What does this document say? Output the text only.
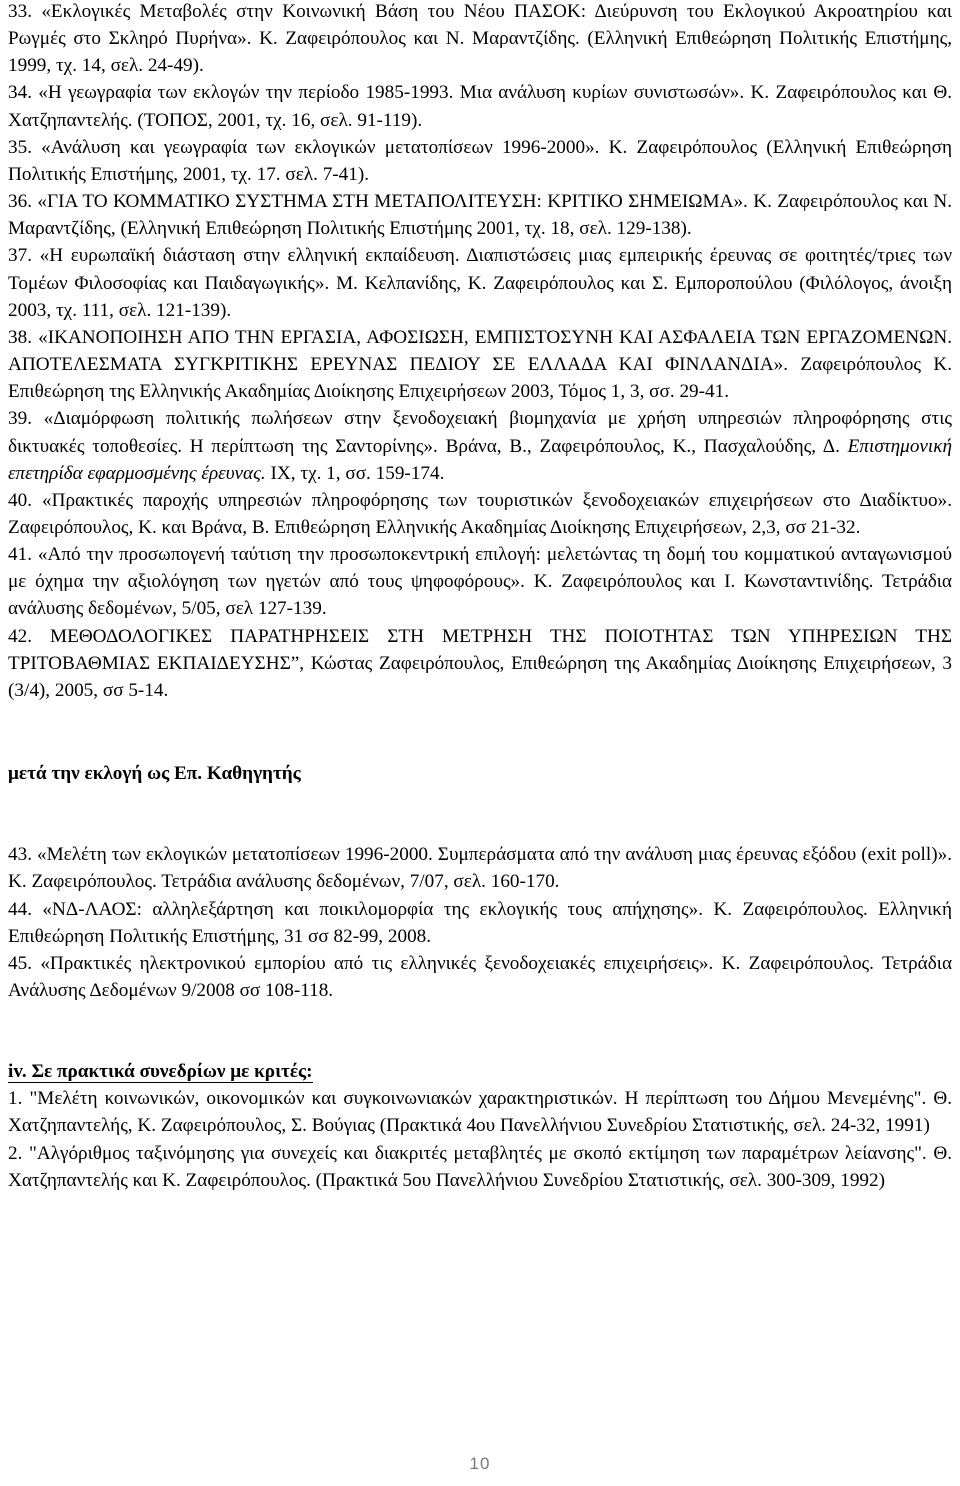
33. «Εκλογικές Μεταβολές στην Κοινωνική Βάση του Νέου ΠΑΣΟΚ: Διεύρυνση του Εκλογικού Ακροατηρίου και Ρωγμές στο Σκληρό Πυρήνα». Κ. Ζαφειρόπουλος και Ν. Μαραντζίδης. (Ελληνική Επιθεώρηση Πολιτικής Επιστήμης, 1999, τχ. 14, σελ. 24-49).

34. «Η γεωγραφία των εκλογών την περίοδο 1985-1993. Μια ανάλυση κυρίων συνιστωσών». Κ. Ζαφειρόπουλος και Θ. Χατζηπαντελής. (ΤΟΠΟΣ, 2001, τχ. 16, σελ. 91-119).

35. «Ανάλυση και γεωγραφία των εκλογικών μετατοπίσεων 1996-2000». Κ. Ζαφειρόπουλος (Ελληνική Επιθεώρηση Πολιτικής Επιστήμης, 2001, τχ. 17. σελ. 7-41).

36. «ΓΙΑ ΤΟ ΚΟΜΜΑΤΙΚΟ ΣΥΣΤΗΜΑ ΣΤΗ ΜΕΤΑΠΟΛΙΤΕΥΣΗ: ΚΡΙΤΙΚΟ ΣΗΜΕΙΩΜΑ». Κ. Ζαφειρόπουλος και Ν. Μαραντζίδης, (Ελληνική Επιθεώρηση Πολιτικής Επιστήμης 2001, τχ. 18, σελ. 129-138).

37. «Η ευρωπαϊκή διάσταση στην ελληνική εκπαίδευση. Διαπιστώσεις μιας εμπειρικής έρευνας σε φοιτητές/τριες των Τομέων Φιλοσοφίας και Παιδαγωγικής». Μ. Κελπανίδης, Κ. Ζαφειρόπουλος και Σ. Εμποροπούλου (Φιλόλογος, άνοιξη 2003, τχ. 111, σελ. 121-139).

38. «ΙΚΑΝΟΠΟΙΗΣΗ ΑΠΟ ΤΗΝ ΕΡΓΑΣΙΑ, ΑΦΟΣΙΩΣΗ, ΕΜΠΙΣΤΟΣΥΝΗ ΚΑΙ ΑΣΦΑΛΕΙΑ ΤΩΝ ΕΡΓΑΖΟΜΕΝΩΝ. ΑΠΟΤΕΛΕΣΜΑΤΑ ΣΥΓΚΡΙΤΙΚΗΣ ΕΡΕΥΝΑΣ ΠΕΔΙΟΥ ΣΕ ΕΛΛΑΔΑ ΚΑΙ ΦΙΝΛΑΝΔΙΑ». Ζαφειρόπουλος Κ. Επιθεώρηση της Ελληνικής Ακαδημίας Διοίκησης Επιχειρήσεων 2003, Τόμος 1, 3, σσ. 29-41.

39. «Διαμόρφωση πολιτικής πωλήσεων στην ξενοδοχειακή βιομηχανία με χρήση υπηρεσιών πληροφόρησης στις δικτυακές τοποθεσίες. Η περίπτωση της Σαντορίνης». Βράνα, Β., Ζαφειρόπουλος, Κ., Πασχαλούδης, Δ. Επιστημονική επετηρίδα εφαρμοσμένης έρευνας. ΙΧ, τχ. 1, σσ. 159-174.

40. «Πρακτικές παροχής υπηρεσιών πληροφόρησης των τουριστικών ξενοδοχειακών επιχειρήσεων στο Διαδίκτυο». Ζαφειρόπουλος, Κ. και Βράνα, Β. Επιθεώρηση Ελληνικής Ακαδημίας Διοίκησης Επιχειρήσεων, 2,3, σσ 21-32.

41. «Από την προσωπογενή ταύτιση την προσωποκεντρική επιλογή: μελετώντας τη δομή του κομματικού ανταγωνισμού με όχημα την αξιολόγηση των ηγετών από τους ψηφοφόρους». Κ. Ζαφειρόπουλος και Ι. Κωνσταντινίδης. Τετράδια ανάλυσης δεδομένων, 5/05, σελ 127-139.

42. ΜΕΘΟΔΟΛΟΓΙΚΕΣ ΠΑΡΑΤΗΡΗΣΕΙΣ ΣΤΗ ΜΕΤΡΗΣΗ ΤΗΣ ΠΟΙΟΤΗΤΑΣ ΤΩΝ ΥΠΗΡΕΣΙΩΝ ΤΗΣ ΤΡΙΤΟΒΑΘΜΙΑΣ ΕΚΠΑΙΔΕΥΣΗΣ”, Κώστας Ζαφειρόπουλος, Επιθεώρηση της Ακαδημίας Διοίκησης Επιχειρήσεων, 3 (3/4), 2005, σσ 5-14.

μετά την εκλογή ως Επ. Καθηγητής

43. «Μελέτη των εκλογικών μετατοπίσεων 1996-2000. Συμπεράσματα από την ανάλυση μιας έρευνας εξόδου (exit poll)». Κ. Ζαφειρόπουλος. Τετράδια ανάλυσης δεδομένων, 7/07, σελ. 160-170.

44. «ΝΔ-ΛΑΟΣ: αλληλεξάρτηση και ποικιλομορφία της εκλογικής τους απήχησης». Κ. Ζαφειρόπουλος. Ελληνική Επιθεώρηση Πολιτικής Επιστήμης, 31 σσ 82-99, 2008.

45. «Πρακτικές ηλεκτρονικού εμπορίου από τις ελληνικές ξενοδοχειακές επιχειρήσεις». Κ. Ζαφειρόπουλος. Τετράδια Ανάλυσης Δεδομένων 9/2008 σσ 108-118.

iv. Σε πρακτικά συνεδρίων με κριτές:

1. "Μελέτη κοινωνικών, οικονομικών και συγκοινωνιακών χαρακτηριστικών. Η περίπτωση του Δήμου Μενεμένης". Θ. Χατζηπαντελής, Κ. Ζαφειρόπουλος, Σ. Βούγιας (Πρακτικά 4ου Πανελλήνιου Συνεδρίου Στατιστικής, σελ. 24-32, 1991)

2. "Αλγόριθμος ταξινόμησης για συνεχείς και διακριτές μεταβλητές με σκοπό εκτίμηση των παραμέτρων λείανσης". Θ. Χατζηπαντελής και Κ. Ζαφειρόπουλος. (Πρακτικά 5ου Πανελλήνιου Συνεδρίου Στατιστικής, σελ. 300-309, 1992)

10
